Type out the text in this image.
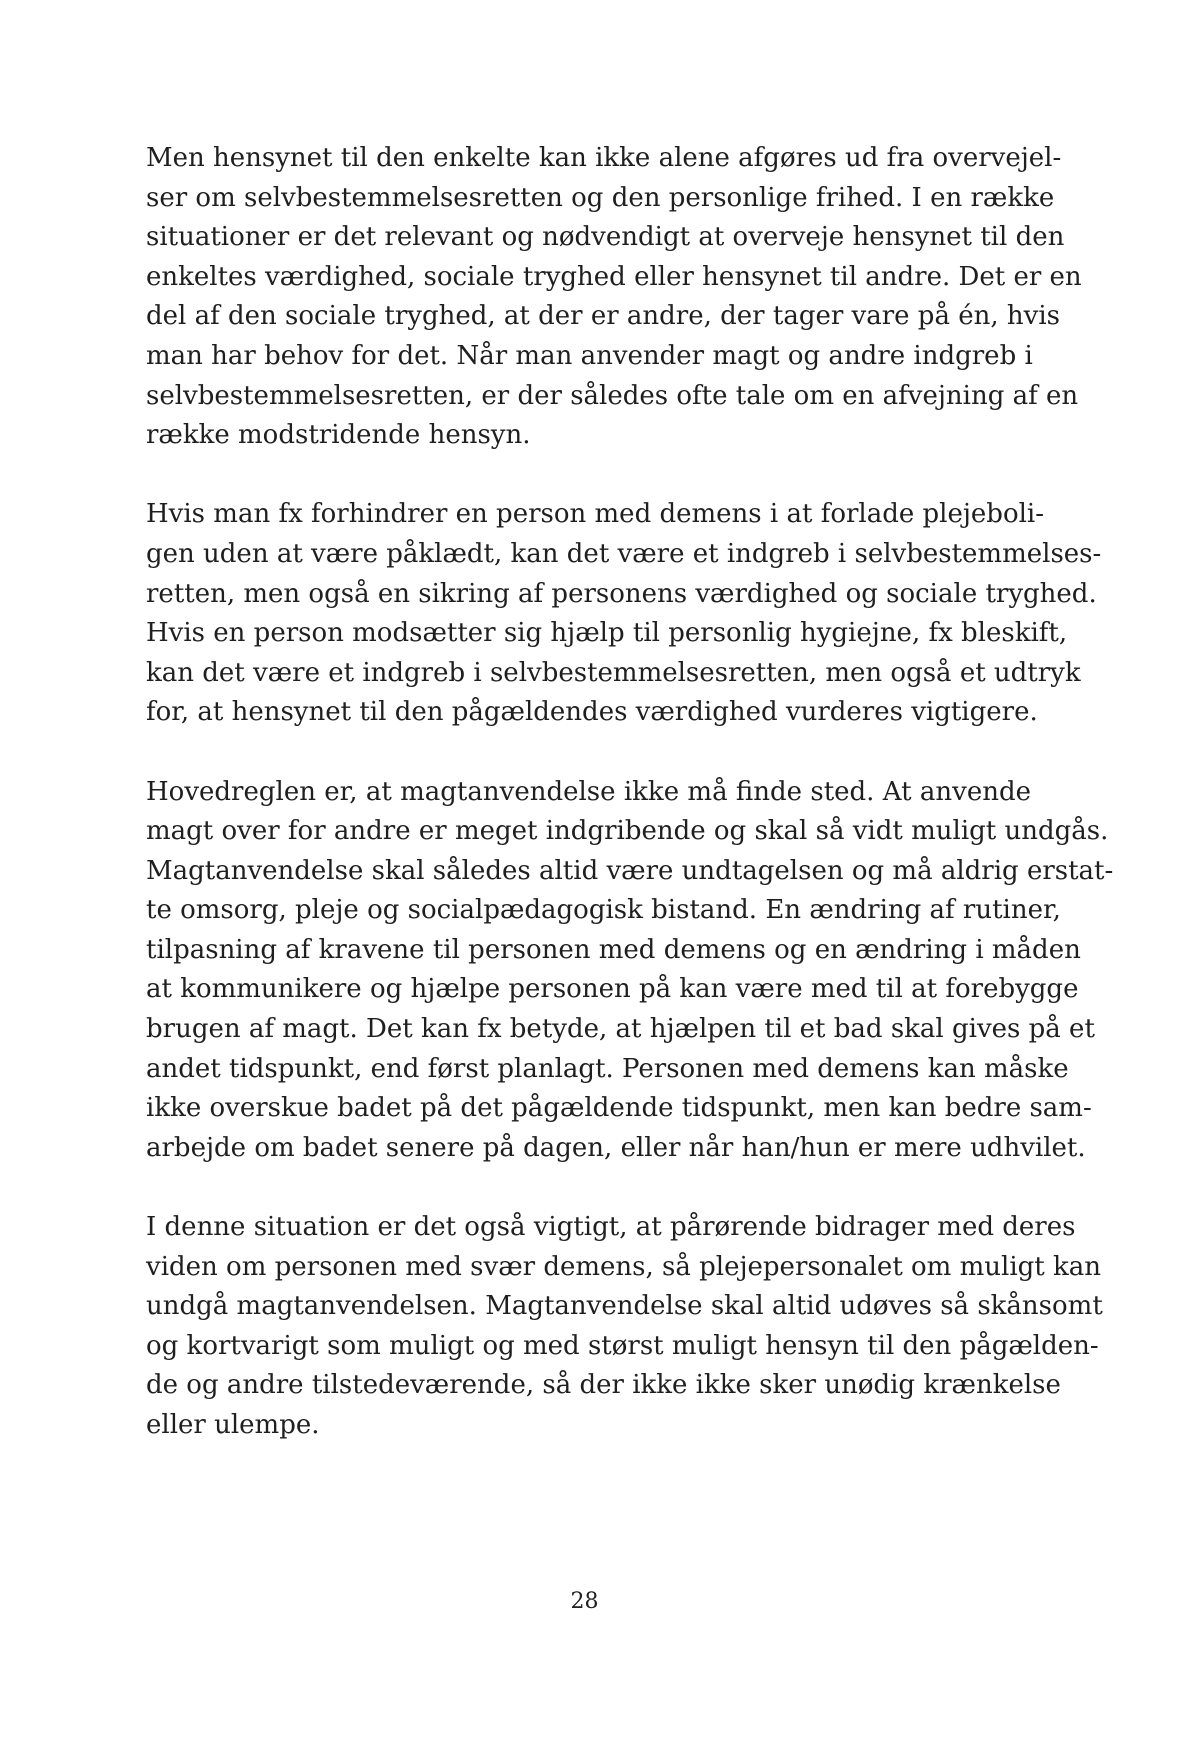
Men hensynet til den enkelte kan ikke alene afgøres ud fra overvejel-
ser om selvbestemmelsesretten og den personlige frihed. I en række
situationer er det relevant og nødvendigt at overveje hensynet til den
enkeltes værdighed, sociale tryghed eller hensynet til andre. Det er en
del af den sociale tryghed, at der er andre, der tager vare på én, hvis
man har behov for det. Når man anvender magt og andre indgreb i
selvbestemmelsesretten, er der således ofte tale om en afvejning af en
række modstridende hensyn.

Hvis man fx forhindrer en person med demens i at forlade plejeboli-
gen uden at være påklædt, kan det være et indgreb i selvbestemmelses-
retten, men også en sikring af personens værdighed og sociale tryghed.
Hvis en person modsætter sig hjælp til personlig hygiejne, fx bleskift,
kan det være et indgreb i selvbestemmelsesretten, men også et udtryk
for, at hensynet til den pågældendes værdighed vurderes vigtigere.

Hovedreglen er, at magtanvendelse ikke må finde sted. At anvende
magt over for andre er meget indgribende og skal så vidt muligt undgås.
Magtanvendelse skal således altid være undtagelsen og må aldrig erstat-
te omsorg, pleje og socialpædagogisk bistand. En ændring af rutiner,
tilpasning af kravene til personen med demens og en ændring i måden
at kommunikere og hjælpe personen på kan være med til at forebygge
brugen af magt. Det kan fx betyde, at hjælpen til et bad skal gives på et
andet tidspunkt, end først planlagt. Personen med demens kan måske
ikke overskue badet på det pågældende tidspunkt, men kan bedre sam-
arbejde om badet senere på dagen, eller når han/hun er mere udhvilet.

I denne situation er det også vigtigt, at pårørende bidrager med deres
viden om personen med svær demens, så plejepersonalet om muligt kan
undgå magtanvendelsen. Magtanvendelse skal altid udøves så skånsomt
og kortvarigt som muligt og med størst muligt hensyn til den pågælden-
de og andre tilstedeværende, så der ikke ikke sker unødig krænkelse
eller ulempe.

28
